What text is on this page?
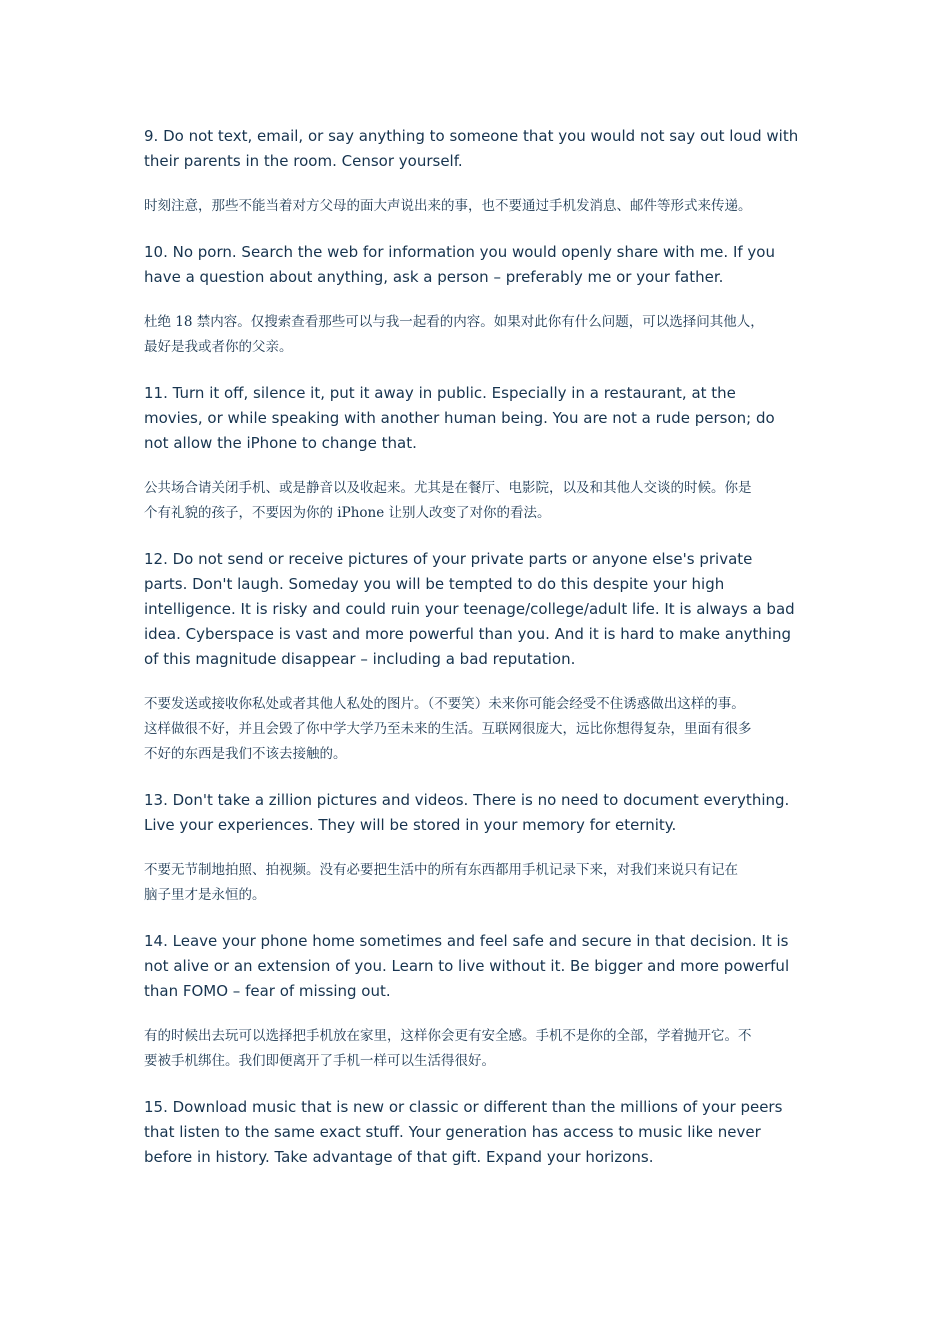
9. Do not text, email, or say anything to someone that you would not say out loud with
their parents in the room. Censor yourself.

时刻注意，那些不能当着对方父母的面大声说出来的事，也不要通过手机发消息、邮件等形式来传递。

10. No porn. Search the web for information you would openly share with me. If you
have a question about anything, ask a person – preferably me or your father.

杜绝 18 禁内容。仅搜索查看那些可以与我一起看的内容。如果对此你有什么问题，可以选择问其他人，
最好是我或者你的父亲。

11. Turn it off, silence it, put it away in public. Especially in a restaurant, at the
movies, or while speaking with another human being. You are not a rude person; do
not allow the iPhone to change that.

公共场合请关闭手机、或是静音以及收起来。尤其是在餐厅、电影院，以及和其他人交谈的时候。你是
个有礼貌的孩子，不要因为你的 iPhone 让别人改变了对你的看法。

12. Do not send or receive pictures of your private parts or anyone else's private
parts. Don't laugh. Someday you will be tempted to do this despite your high
intelligence. It is risky and could ruin your teenage/college/adult life. It is always a bad
idea. Cyberspace is vast and more powerful than you. And it is hard to make anything
of this magnitude disappear – including a bad reputation.

不要发送或接收你私处或者其他人私处的图片。（不要笑）未来你可能会经受不住诱惑做出这样的事。
这样做很不好，并且会毁了你中学大学乃至未来的生活。互联网很庞大，远比你想得复杂，里面有很多
不好的东西是我们不该去接触的。

13. Don't take a zillion pictures and videos. There is no need to document everything.
Live your experiences. They will be stored in your memory for eternity.

不要无节制地拍照、拍视频。没有必要把生活中的所有东西都用手机记录下来，对我们来说只有记在
脑子里才是永恒的。

14. Leave your phone home sometimes and feel safe and secure in that decision. It is
not alive or an extension of you. Learn to live without it. Be bigger and more powerful
than FOMO – fear of missing out.

有的时候出去玩可以选择把手机放在家里，这样你会更有安全感。手机不是你的全部，学着抛开它。不
要被手机绑住。我们即便离开了手机一样可以生活得很好。

15. Download music that is new or classic or different than the millions of your peers
that listen to the same exact stuff. Your generation has access to music like never
before in history. Take advantage of that gift. Expand your horizons.
